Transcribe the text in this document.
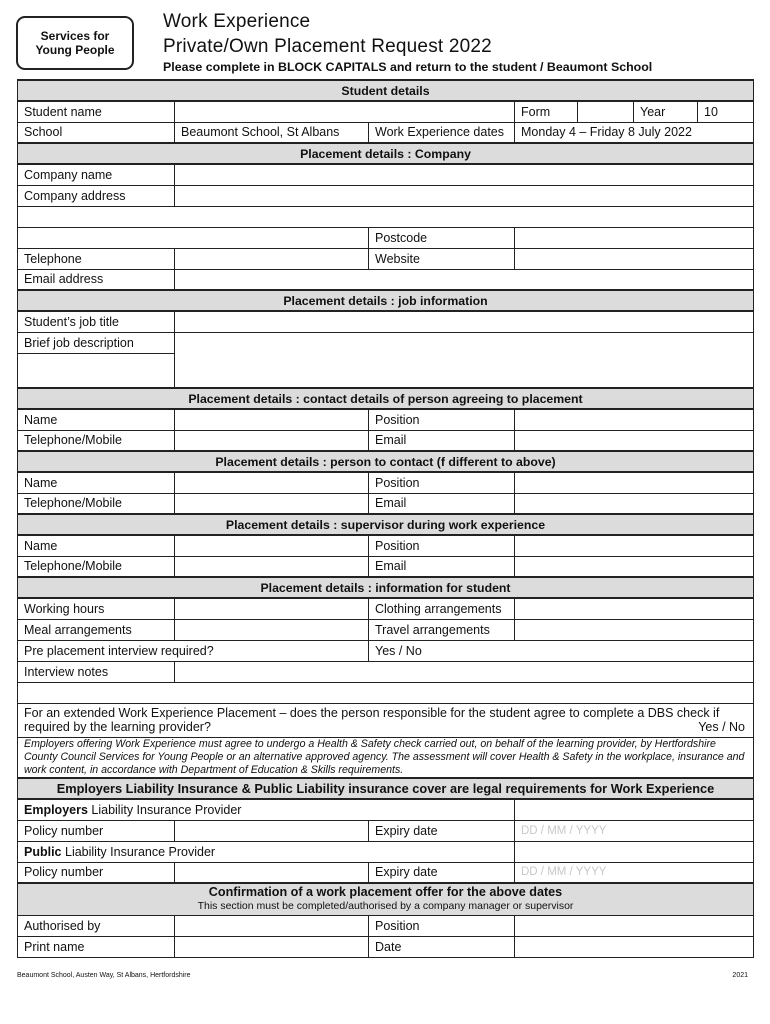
Services for
Young People
Work Experience
Private/Own Placement Request 2022
Please complete in BLOCK CAPITALS and return to the student / Beaumont School
Student details						
Student name			Form		Year	10
School	Beaumont School, St Albans	Work Experience dates	Monday 4 – Friday 8 July 2022			
Placement details : Company						
Company name						
Company address						

		Postcode				
Telephone		Website				
Email address						
Placement details : job information						
Student’s job title						
Brief job description						

Placement details : contact details of person agreeing to placement						
Name		Position				
Telephone/Mobile		Email				
Placement details : person to contact (f different to above)						
Name		Position				
Telephone/Mobile		Email				
Placement details : supervisor during work experience						
Name		Position				
Telephone/Mobile		Email				
Placement details : information for student						
Working hours		Clothing arrangements				
Meal arrangements		Travel arrangements				
Pre placement interview required?		Yes / No				
Interview notes						

For an extended Work Experience Placement – does the person responsible for the student agree to complete a DBS check if required by the learning provider? Yes / No						

Employers offering Work Experience must agree to undergo a Health & Safety check carried out, on behalf of the learning provider, by Hertfordshire County Council Services for Young People or an alternative approved agency. The assessment will cover Health & Safety in the workplace, insurance and work content, in accordance with Department of Education & Skills requirements.						
Employers Liability Insurance & Public Liability insurance cover are legal requirements for Work Experience						
Employers Liability Insurance Provider						
Policy number		Expiry date	DD / MM / YYYY			
Public Liability Insurance Provider						
Policy number		Expiry date	DD / MM / YYYY			

Confirmation of a work placement offer for the above dates
This section must be completed/authorised by a company manager or supervisor						

Authorised by		Position				
Print name		Date				
Beaumont School, Austen Way, St Albans, Hertfordshire	2021
